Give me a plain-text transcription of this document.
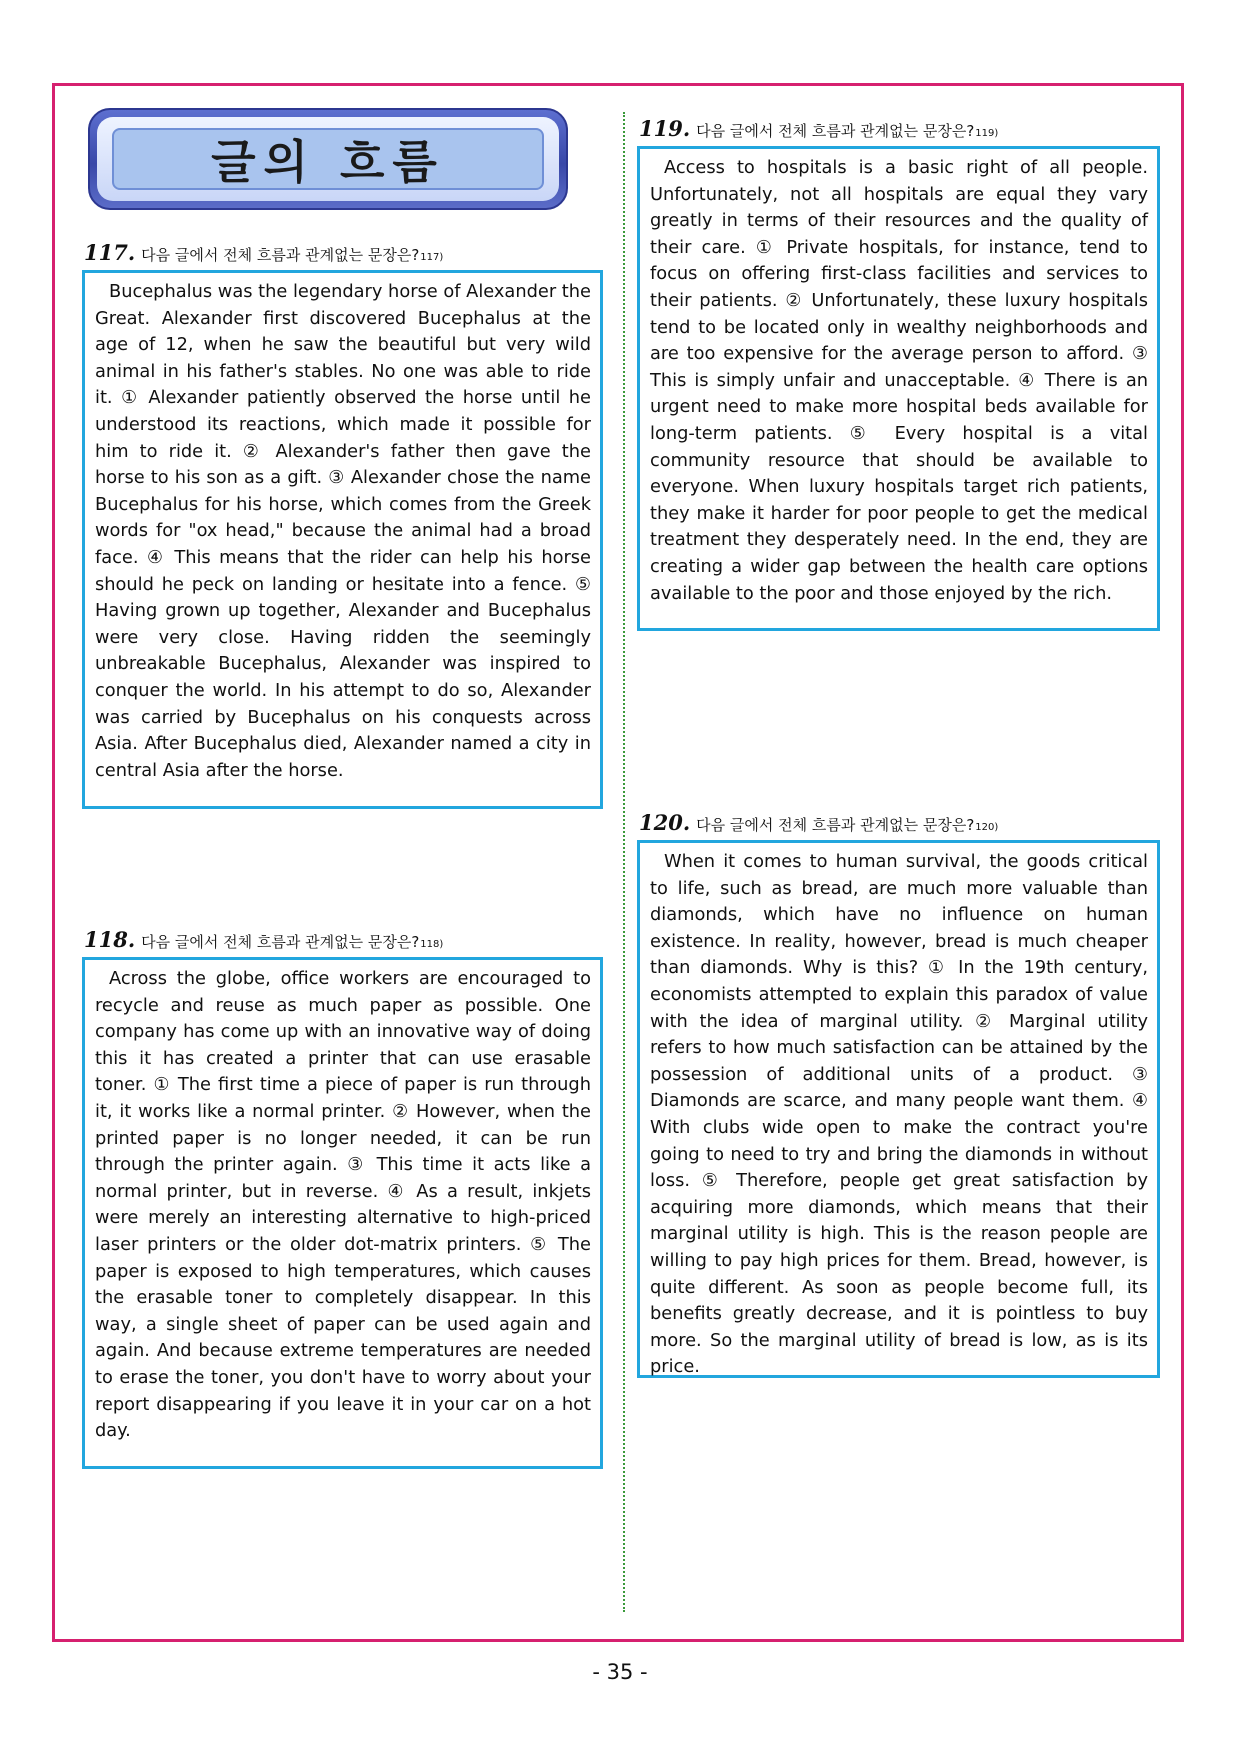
글의 흐름
117. 다음 글에서 전체 흐름과 관계없는 문장은? 117)

Bucephalus was the legendary horse of Alexander the Great. Alexander first discovered Bucephalus at the age of 12, when he saw the beautiful but very wild animal in his father's stables. No one was able to ride it. ① Alexander patiently observed the horse until he understood its reactions, which made it possible for him to ride it. ② Alexander's father then gave the horse to his son as a gift. ③ Alexander chose the name Bucephalus for his horse, which comes from the Greek words for "ox head," because the animal had a broad face. ④ This means that the rider can help his horse should he peck on landing or hesitate into a fence. ⑤ Having grown up together, Alexander and Bucephalus were very close. Having ridden the seemingly unbreakable Bucephalus, Alexander was inspired to conquer the world. In his attempt to do so, Alexander was carried by Bucephalus on his conquests across Asia. After Bucephalus died, Alexander named a city in central Asia after the horse.

118. 다음 글에서 전체 흐름과 관계없는 문장은? 118)

Across the globe, office workers are encouraged to recycle and reuse as much paper as possible. One company has come up with an innovative way of doing this it has created a printer that can use erasable toner. ① The first time a piece of paper is run through it, it works like a normal printer. ② However, when the printed paper is no longer needed, it can be run through the printer again. ③ This time it acts like a normal printer, but in reverse. ④ As a result, inkjets were merely an interesting alternative to high-priced laser printers or the older dot-matrix printers. ⑤ The paper is exposed to high temperatures, which causes the erasable toner to completely disappear. In this way, a single sheet of paper can be used again and again. And because extreme temperatures are needed to erase the toner, you don't have to worry about your report disappearing if you leave it in your car on a hot day.

119. 다음 글에서 전체 흐름과 관계없는 문장은? 119)

Access to hospitals is a basic right of all people. Unfortunately, not all hospitals are equal they vary greatly in terms of their resources and the quality of their care. ① Private hospitals, for instance, tend to focus on offering first-class facilities and services to their patients. ② Unfortunately, these luxury hospitals tend to be located only in wealthy neighborhoods and are too expensive for the average person to afford. ③ This is simply unfair and unacceptable. ④ There is an urgent need to make more hospital beds available for long-term patients. ⑤ Every hospital is a vital community resource that should be available to everyone. When luxury hospitals target rich patients, they make it harder for poor people to get the medical treatment they desperately need. In the end, they are creating a wider gap between the health care options available to the poor and those enjoyed by the rich.

120. 다음 글에서 전체 흐름과 관계없는 문장은? 120)

When it comes to human survival, the goods critical to life, such as bread, are much more valuable than diamonds, which have no influence on human existence. In reality, however, bread is much cheaper than diamonds. Why is this? ① In the 19th century, economists attempted to explain this paradox of value with the idea of marginal utility. ② Marginal utility refers to how much satisfaction can be attained by the possession of additional units of a product. ③ Diamonds are scarce, and many people want them. ④ With clubs wide open to make the contract you're going to need to try and bring the diamonds in without loss. ⑤ Therefore, people get great satisfaction by acquiring more diamonds, which means that their marginal utility is high. This is the reason people are willing to pay high prices for them. Bread, however, is quite different. As soon as people become full, its benefits greatly decrease, and it is pointless to buy more. So the marginal utility of bread is low, as is its price.

- 35 -
